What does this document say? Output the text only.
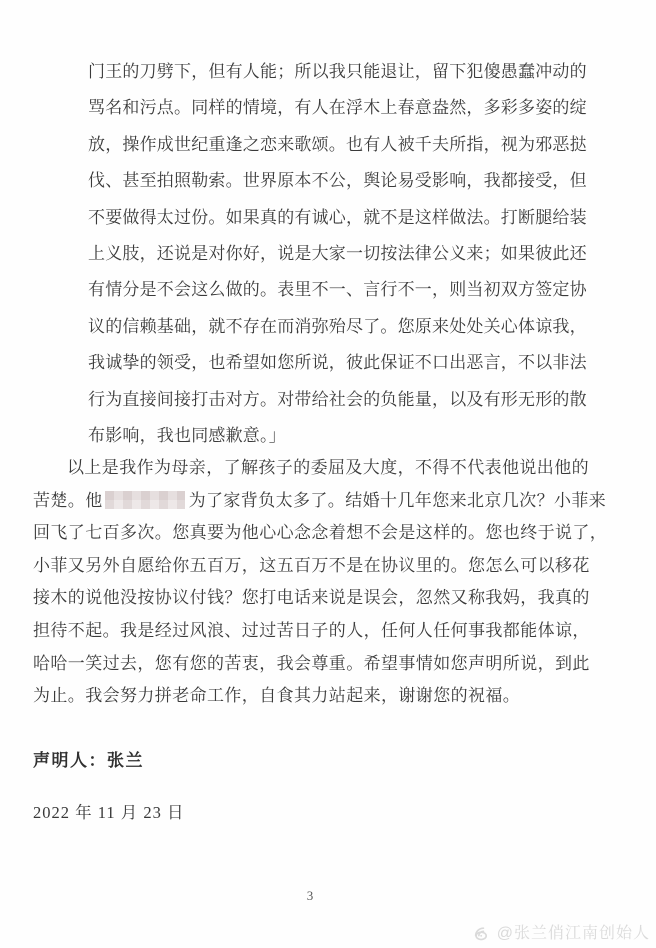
门王的刀劈下，但有人能；所以我只能退让，留下犯傻愚蠢冲动的
骂名和污点。同样的情境，有人在浮木上春意盎然，多彩多姿的绽
放，操作成世纪重逢之恋来歌颂。也有人被千夫所指，视为邪恶挞
伐、甚至拍照勒索。世界原本不公，舆论易受影响，我都接受，但
不要做得太过份。如果真的有诚心，就不是这样做法。打断腿给装
上义肢，还说是对你好，说是大家一切按法律公义来；如果彼此还
有情分是不会这么做的。表里不一、言行不一，则当初双方签定协
议的信赖基础，就不存在而消弥殆尽了。您原来处处关心体谅我，
我诚挚的领受，也希望如您所说，彼此保证不口出恶言，不以非法
行为直接间接打击对方。对带给社会的负能量，以及有形无形的散
布影响，我也同感歉意。」
以上是我作为母亲，了解孩子的委屈及大度，不得不代表他说出他的
苦楚。他	为了家背负太多了。结婚十几年您来北京几次？小菲来
回飞了七百多次。您真要为他心心念念着想不会是这样的。您也终于说了，
小菲又另外自愿给你五百万，这五百万不是在协议里的。您怎么可以移花
接木的说他没按协议付钱？您打电话来说是误会，忽然又称我妈，我真的
担待不起。我是经过风浪、过过苦日子的人，任何人任何事我都能体谅，
哈哈一笑过去，您有您的苦衷，我会尊重。希望事情如您声明所说，到此
为止。我会努力拼老命工作，自食其力站起来，谢谢您的祝福。
声明人：张兰
2022 年 11 月 23 日
3
@张兰俏江南创始人
